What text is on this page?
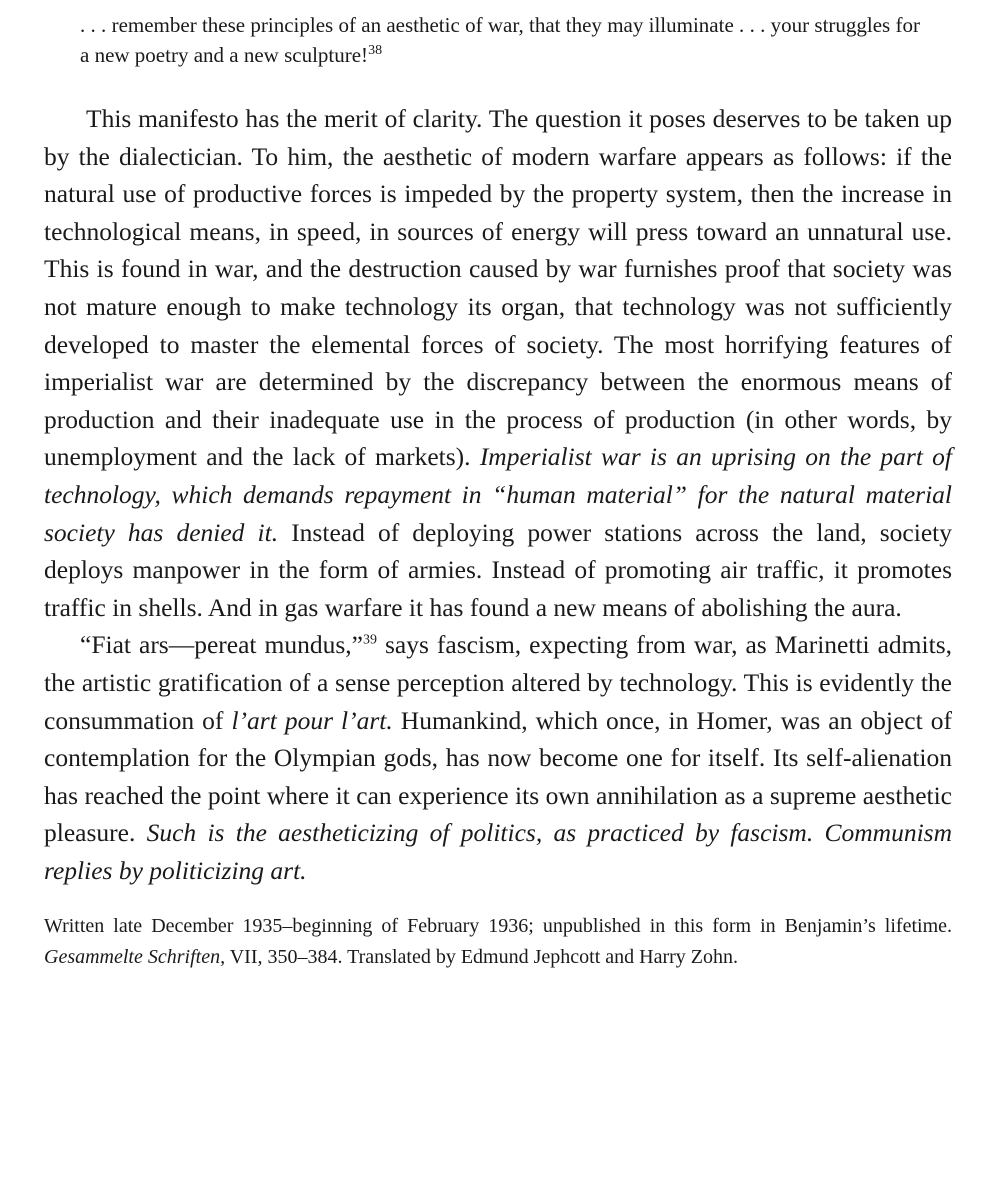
. . . remember these principles of an aesthetic of war, that they may illuminate . . . your struggles for a new poetry and a new sculpture!$^{38}$

This manifesto has the merit of clarity. The question it poses deserves to be taken up by the dialectician. To him, the aesthetic of modern warfare appears as follows: if the natural use of productive forces is impeded by the property system, then the increase in technological means, in speed, in sources of energy will press toward an unnatural use. This is found in war, and the destruction caused by war furnishes proof that society was not mature enough to make technology its organ, that technology was not sufficiently developed to master the elemental forces of society. The most horrifying features of imperialist war are determined by the discrepancy between the enormous means of production and their inadequate use in the process of production (in other words, by unemployment and the lack of markets). Imperialist war is an uprising on the part of technology, which demands repayment in “human material” for the natural material society has denied it. Instead of deploying power stations across the land, society deploys manpower in the form of armies. Instead of promoting air traffic, it promotes traffic in shells. And in gas warfare it has found a new means of abolishing the aura.

“Fiat ars—pereat mundus,”$^{39}$ says fascism, expecting from war, as Marinetti admits, the artistic gratification of a sense perception altered by technology. This is evidently the consummation of l’art pour l’art. Humankind, which once, in Homer, was an object of contemplation for the Olympian gods, has now become one for itself. Its self-alienation has reached the point where it can experience its own annihilation as a supreme aesthetic pleasure. Such is the aestheticizing of politics, as practiced by fascism. Communism replies by politicizing art.

Written late December 1935–beginning of February 1936; unpublished in this form in Benjamin’s lifetime. Gesammelte Schriften, VII, 350–384. Translated by Edmund Jephcott and Harry Zohn.
